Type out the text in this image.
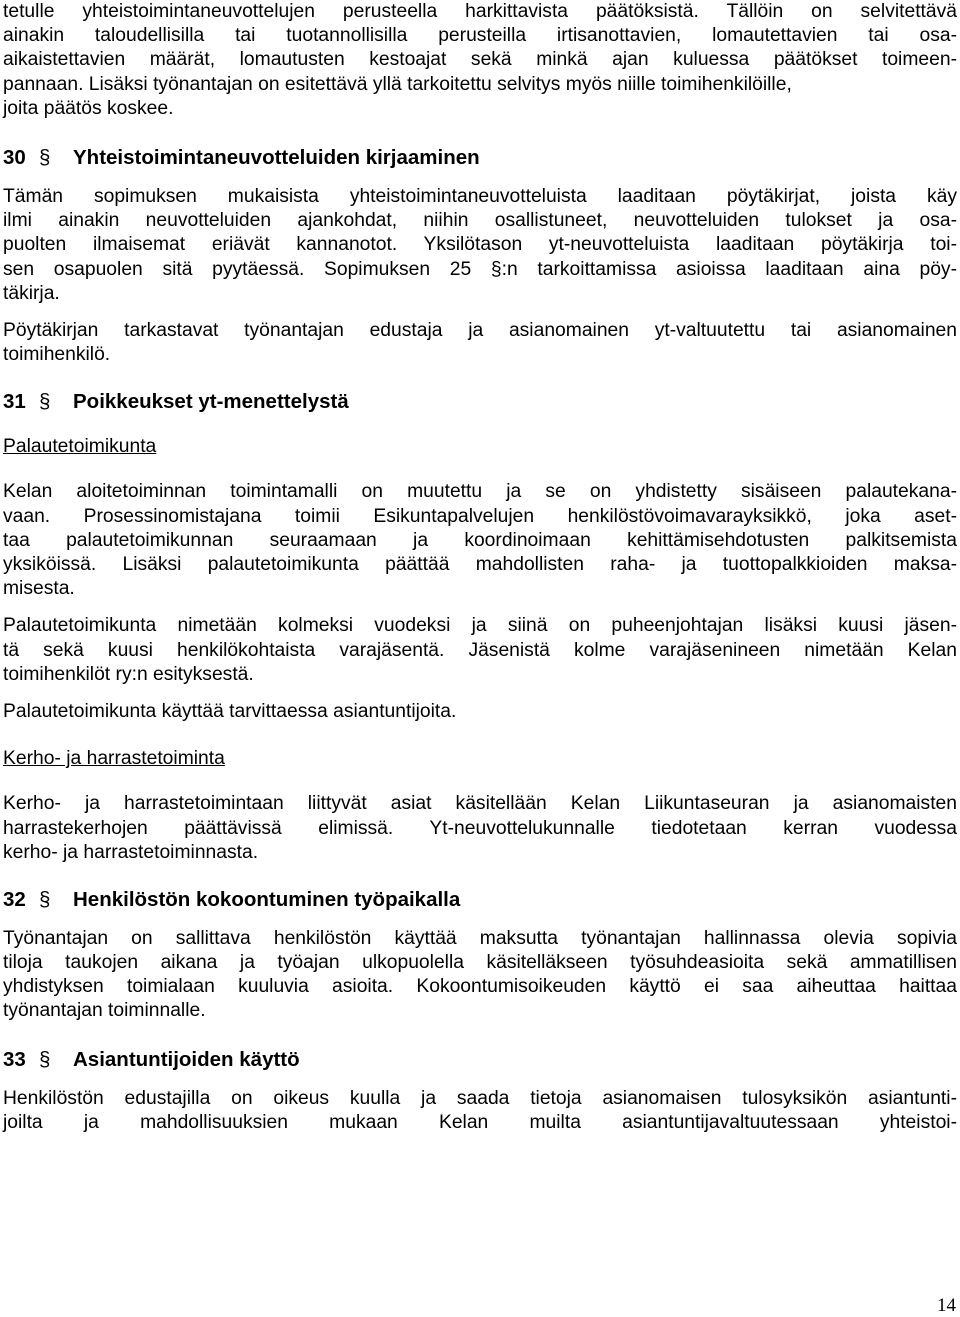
tetulle yhteistoimintaneuvottelujen perusteella harkittavista päätöksistä. Tällöin on selvitettävä
ainakin taloudellisilla tai tuotannollisilla perusteilla irtisanottavien, lomautettavien tai osa-
aikaistettavien määrät, lomautusten kestoajat sekä minkä ajan kuluessa päätökset toimeen-
pannaan. Lisäksi työnantajan on esitettävä yllä tarkoitettu selvitys myös niille toimihenkilöille,
joita päätös koskee.
30 § Yhteistoimintaneuvotteluiden kirjaaminen
Tämän sopimuksen mukaisista yhteistoimintaneuvotteluista laaditaan pöytäkirjat, joista käy
ilmi ainakin neuvotteluiden ajankohdat, niihin osallistuneet, neuvotteluiden tulokset ja osa-
puolten ilmaisemat eriävät kannanotot. Yksilötason yt-neuvotteluista laaditaan pöytäkirja toi-
sen osapuolen sitä pyytäessä. Sopimuksen 25 §:n tarkoittamissa asioissa laaditaan aina pöy-
täkirja.
Pöytäkirjan tarkastavat työnantajan edustaja ja asianomainen yt-valtuutettu tai asianomainen
toimihenkilö.
31 § Poikkeukset yt-menettelystä
Palautetoimikunta
Kelan aloitetoiminnan toimintamalli on muutettu ja se on yhdistetty sisäiseen palautekana-
vaan. Prosessinomistajana toimii Esikuntapalvelujen henkilöstövoimavarayksikkö, joka aset-
taa palautetoimikunnan seuraamaan ja koordinoimaan kehittämisehdotusten palkitsemista
yksiköissä. Lisäksi palautetoimikunta päättää mahdollisten raha- ja tuottopalkkioiden maksa-
misesta.
Palautetoimikunta nimetään kolmeksi vuodeksi ja siinä on puheenjohtajan lisäksi kuusi jäsen-
tä sekä kuusi henkilökohtaista varajäsentä. Jäsenistä kolme varajäsenineen nimetään Kelan
toimihenkilöt ry:n esityksestä.
Palautetoimikunta käyttää tarvittaessa asiantuntijoita.
Kerho- ja harrastetoiminta
Kerho- ja harrastetoimintaan liittyvät asiat käsitellään Kelan Liikuntaseuran ja asianomaisten
harrastekerhojen päättävissä elimissä. Yt-neuvottelukunnalle tiedotetaan kerran vuodessa
kerho- ja harrastetoiminnasta.
32 § Henkilöstön kokoontuminen työpaikalla
Työnantajan on sallittava henkilöstön käyttää maksutta työnantajan hallinnassa olevia sopivia
tiloja taukojen aikana ja työajan ulkopuolella käsitelläkseen työsuhdeasioita sekä ammatillisen
yhdistyksen toimialaan kuuluvia asioita. Kokoontumisoikeuden käyttö ei saa aiheuttaa haittaa
työnantajan toiminnalle.
33 § Asiantuntijoiden käyttö
Henkilöstön edustajilla on oikeus kuulla ja saada tietoja asianomaisen tulosyksikön asiantunti-
joilta ja mahdollisuuksien mukaan Kelan muilta asiantuntijavaltuutessaan yhteistoi-
14
